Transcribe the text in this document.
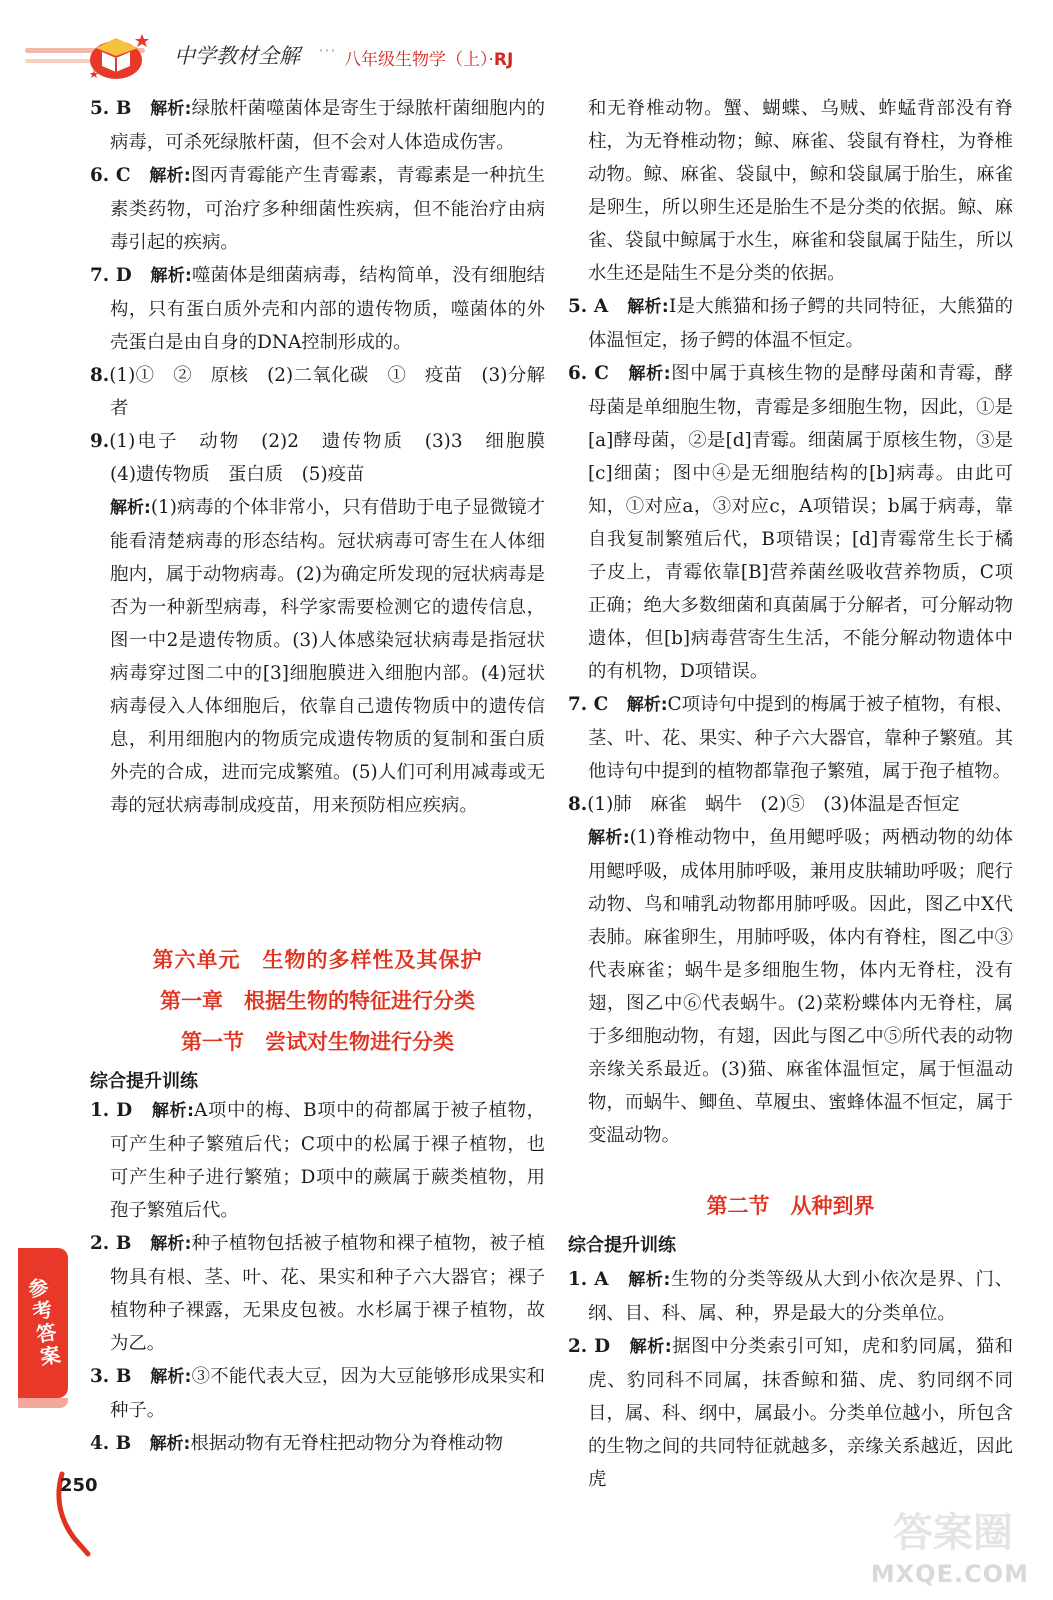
中学教材全解 ⋯ 八年级生物学（上）·RJ

5. B　 解析:绿脓杆菌噬菌体是寄生于绿脓杆菌细胞内的病毒，可杀死绿脓杆菌，但不会对人体造成伤害。

6. C　 解析:图丙青霉能产生青霉素，青霉素是一种抗生素类药物，可治疗多种细菌性疾病，但不能治疗由病毒引起的疾病。

7. D　 解析:噬菌体是细菌病毒，结构简单，没有细胞结构，只有蛋白质外壳和内部的遗传物质，噬菌体的外壳蛋白是由自身的DNA控制形成的。

8.(1)①　②　原核　(2)二氧化碳　①　疫苗　(3)分解者

9.(1)电子　动物　(2)2　遗传物质　(3)3　细胞膜　(4)遗传物质　蛋白质　(5)疫苗

解析:(1)病毒的个体非常小，只有借助于电子显微镜才能看清楚病毒的形态结构。冠状病毒可寄生在人体细胞内，属于动物病毒。(2)为确定所发现的冠状病毒是否为一种新型病毒，科学家需要检测它的遗传信息，图一中2是遗传物质。(3)人体感染冠状病毒是指冠状病毒穿过图二中的[3]细胞膜进入细胞内部。(4)冠状病毒侵入人体细胞后，依靠自己遗传物质中的遗传信息，利用细胞内的物质完成遗传物质的复制和蛋白质外壳的合成，进而完成繁殖。(5)人们可利用减毒或无毒的冠状病毒制成疫苗，用来预防相应疾病。

第六单元　生物的多样性及其保护

第一章　根据生物的特征进行分类

第一节　尝试对生物进行分类

综合提升训练

1. D　 解析:A项中的梅、B项中的荷都属于被子植物，可产生种子繁殖后代；C项中的松属于裸子植物，也可产生种子进行繁殖；D项中的蕨属于蕨类植物，用孢子繁殖后代。

2. B　 解析:种子植物包括被子植物和裸子植物，被子植物具有根、茎、叶、花、果实和种子六大器官；裸子植物种子裸露，无果皮包被。水杉属于裸子植物，故为乙。

3. B　 解析:③不能代表大豆，因为大豆能够形成果实和种子。

4. B　 解析:根据动物有无脊柱把动物分为脊椎动物

和无脊椎动物。蟹、蝴蝶、乌贼、蚱蜢背部没有脊柱，为无脊椎动物；鲸、麻雀、袋鼠有脊柱，为脊椎动物。鲸、麻雀、袋鼠中，鲸和袋鼠属于胎生，麻雀是卵生，所以卵生还是胎生不是分类的依据。鲸、麻雀、袋鼠中鲸属于水生，麻雀和袋鼠属于陆生，所以水生还是陆生不是分类的依据。

5. A　 解析:Ⅰ是大熊猫和扬子鳄的共同特征，大熊猫的体温恒定，扬子鳄的体温不恒定。

6. C　 解析:图中属于真核生物的是酵母菌和青霉，酵母菌是单细胞生物，青霉是多细胞生物，因此，①是[a]酵母菌，②是[d]青霉。细菌属于原核生物，③是[c]细菌；图中④是无细胞结构的[b]病毒。由此可知，①对应a，③对应c，A项错误；b属于病毒，靠自我复制繁殖后代，B项错误；[d]青霉常生长于橘子皮上，青霉依靠[B]营养菌丝吸收营养物质，C项正确；绝大多数细菌和真菌属于分解者，可分解动物遗体，但[b]病毒营寄生生活，不能分解动物遗体中的有机物，D项错误。

7. C　 解析:C项诗句中提到的梅属于被子植物，有根、茎、叶、花、果实、种子六大器官，靠种子繁殖。其他诗句中提到的植物都靠孢子繁殖，属于孢子植物。

8.(1)肺　麻雀　蜗牛　(2)⑤　(3)体温是否恒定

解析:(1)脊椎动物中，鱼用鳃呼吸；两栖动物的幼体用鳃呼吸，成体用肺呼吸，兼用皮肤辅助呼吸；爬行动物、鸟和哺乳动物都用肺呼吸。因此，图乙中X代表肺。麻雀卵生，用肺呼吸，体内有脊柱，图乙中③代表麻雀；蜗牛是多细胞生物，体内无脊柱，没有翅，图乙中⑥代表蜗牛。(2)菜粉蝶体内无脊柱，属于多细胞动物，有翅，因此与图乙中⑤所代表的动物亲缘关系最近。(3)猫、麻雀体温恒定，属于恒温动物，而蜗牛、鲫鱼、草履虫、蜜蜂体温不恒定，属于变温动物。

第二节　从种到界

综合提升训练

1. A　 解析:生物的分类等级从大到小依次是界、门、纲、目、科、属、种，界是最大的分类单位。

2. D　 解析:据图中分类索引可知，虎和豹同属，猫和虎、豹同科不同属，抹香鲸和猫、虎、豹同纲不同目，属、科、纲中，属最小。分类单位越小，所包含的生物之间的共同特征就越多，亲缘关系越近，因此虎

参考答案
250
答案圈
MXQE.COM
